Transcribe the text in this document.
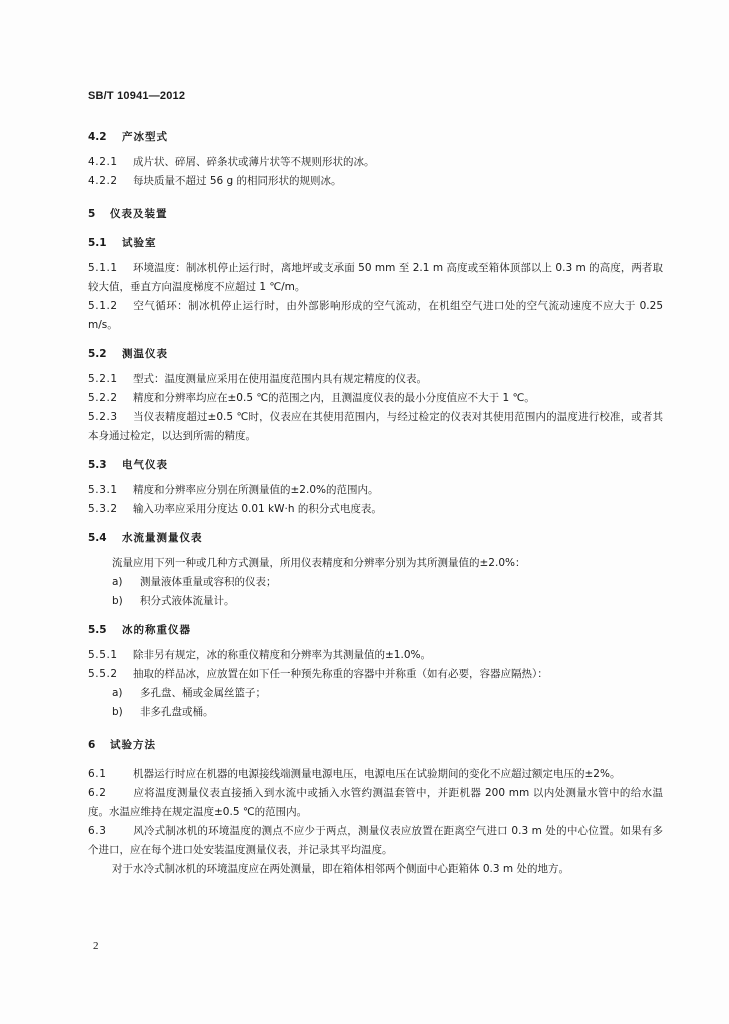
SB/T 10941—2012
4.2 产冰型式

4.2.1 成片状、碎屑、碎条状或薄片状等不规则形状的冰。

4.2.2 每块质量不超过 56 g 的相同形状的规则冰。

5 仪表及装置
5.1 试验室

5.1.1 环境温度：制冰机停止运行时，离地坪或支承面 50 mm 至 2.1 m 高度或至箱体顶部以上 0.3 m 的高度，两者取较大值，垂直方向温度梯度不应超过 1 ℃/m。

5.1.2 空气循环：制冰机停止运行时，由外部影响形成的空气流动，在机组空气进口处的空气流动速度不应大于 0.25 m/s。

5.2 测温仪表

5.2.1 型式：温度测量应采用在使用温度范围内具有规定精度的仪表。

5.2.2 精度和分辨率均应在±0.5 ℃的范围之内，且测温度仪表的最小分度值应不大于 1 ℃。

5.2.3 当仪表精度超过±0.5 ℃时，仪表应在其使用范围内，与经过检定的仪表对其使用范围内的温度进行校准，或者其本身通过检定，以达到所需的精度。

5.3 电气仪表

5.3.1 精度和分辨率应分别在所测量值的±2.0%的范围内。

5.3.2 输入功率应采用分度达 0.01 kW·h 的积分式电度表。

5.4 水流量测量仪表

流量应用下列一种或几种方式测量，所用仪表精度和分辨率分别为其所测量值的±2.0%：

a) 测量液体重量或容积的仪表；

b) 积分式液体流量计。

5.5 冰的称重仪器

5.5.1 除非另有规定，冰的称重仪精度和分辨率为其测量值的±1.0%。

5.5.2 抽取的样品冰，应放置在如下任一种预先称重的容器中并称重（如有必要，容器应隔热）：

a) 多孔盘、桶或金属丝篮子；

b) 非多孔盘或桶。

6 试验方法

6.1	机器运行时应在机器的电源接线端测量电源电压，电源电压在试验期间的变化不应超过额定电压的±2%。

6.2	应将温度测量仪表直接插入到水流中或插入水管约测温套管中，并距机器 200 mm 以内处测量水管中的给水温度。水温应维持在规定温度±0.5 ℃的范围内。

6.3	风冷式制冰机的环境温度的测点不应少于两点，测量仪表应放置在距离空气进口 0.3 m 处的中心位置。如果有多个进口，应在每个进口处安装温度测量仪表，并记录其平均温度。

对于水冷式制冰机的环境温度应在两处测量，即在箱体相邻两个侧面中心距箱体 0.3 m 处的地方。

2
